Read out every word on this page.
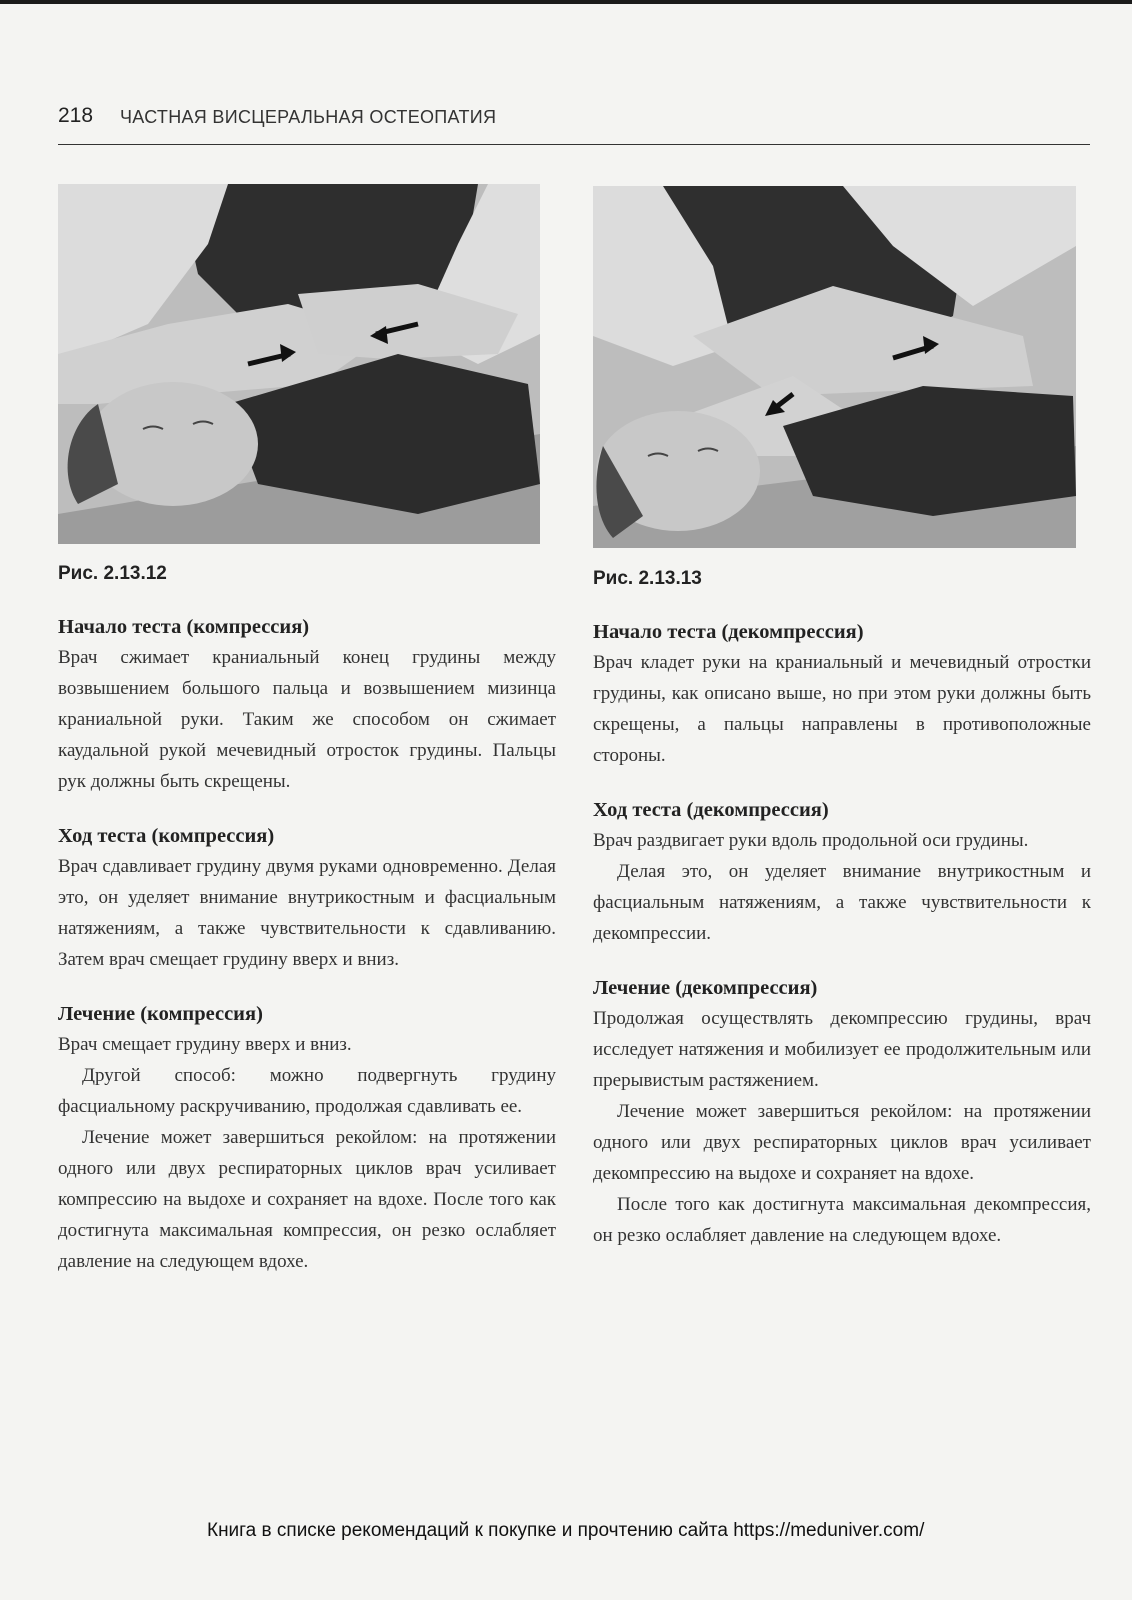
218 ЧАСТНАЯ ВИСЦЕРАЛЬНАЯ ОСТЕОПАТИЯ
Рис. 2.13.12	Рис. 2.13.13

Начало теста (компрессия)

Врач сжимает краниальный конец грудины между возвышением большого пальца и возвышением мизинца краниальной руки. Таким же способом он сжимает каудальной рукой мечевидный отросток грудины. Пальцы рук должны быть скрещены.

Ход теста (компрессия)

Врач сдавливает грудину двумя руками одновременно. Делая это, он уделяет внимание внутрикостным и фасциальным натяжениям, а также чувствительности к сдавливанию. Затем врач смещает грудину вверх и вниз.

Лечение (компрессия)

Врач смещает грудину вверх и вниз.

Другой способ: можно подвергнуть грудину фасциальному раскручиванию, продолжая сдавливать ее.

Лечение может завершиться рекойлом: на протяжении одного или двух респираторных циклов врач усиливает компрессию на выдохе и сохраняет на вдохе. После того как достигнута максимальная компрессия, он резко ослабляет давление на следующем вдохе.

Начало теста (декомпрессия)

Врач кладет руки на краниальный и мечевидный отростки грудины, как описано выше, но при этом руки должны быть скрещены, а пальцы направлены в противоположные стороны.

Ход теста (декомпрессия)

Врач раздвигает руки вдоль продольной оси грудины.

Делая это, он уделяет внимание внутрикостным и фасциальным натяжениям, а также чувствительности к декомпрессии.

Лечение (декомпрессия)

Продолжая осуществлять декомпрессию грудины, врач исследует натяжения и мобилизует ее продолжительным или прерывистым растяжением.

Лечение может завершиться рекойлом: на протяжении одного или двух респираторных циклов врач усиливает декомпрессию на выдохе и сохраняет на вдохе.

После того как достигнута максимальная декомпрессия, он резко ослабляет давление на следующем вдохе.

Книга в списке рекомендаций к покупке и прочтению сайта https://meduniver.com/
